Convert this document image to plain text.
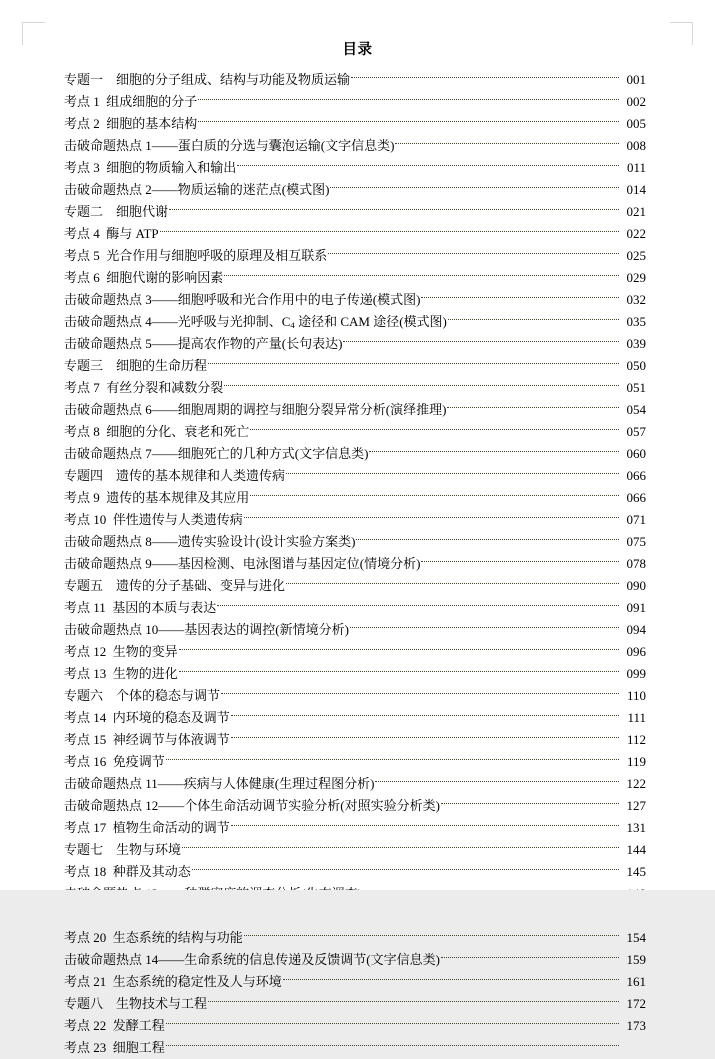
目录
专题一 细胞的分子组成、结构与功能及物质运输	001
考点 1 组成细胞的分子	002
考点 2 细胞的基本结构	005
击破命题热点 1——蛋白质的分选与囊泡运输(文字信息类)	008
考点 3 细胞的物质输入和输出	011
击破命题热点 2——物质运输的迷茫点(模式图)	014
专题二 细胞代谢	021
考点 4 酶与 ATP	022
考点 5 光合作用与细胞呼吸的原理及相互联系	025
考点 6 细胞代谢的影响因素	029
击破命题热点 3——细胞呼吸和光合作用中的电子传递(模式图)	032
击破命题热点 4——光呼吸与光抑制、$C_4$ 途径和 CAM 途径(模式图)	035
击破命题热点 5——提高农作物的产量(长句表达)	039
专题三 细胞的生命历程	050
考点 7 有丝分裂和减数分裂	051
击破命题热点 6——细胞周期的调控与细胞分裂异常分析(演绎推理)	054
考点 8 细胞的分化、衰老和死亡	057
击破命题热点 7——细胞死亡的几种方式(文字信息类)	060
专题四 遗传的基本规律和人类遗传病	066
考点 9 遗传的基本规律及其应用	066
考点 10 伴性遗传与人类遗传病	071
击破命题热点 8——遗传实验设计(设计实验方案类)	075
击破命题热点 9——基因检测、电泳图谱与基因定位(情境分析)	078
专题五 遗传的分子基础、变异与进化	090
考点 11 基因的本质与表达	091
击破命题热点 10——基因表达的调控(新情境分析)	094
考点 12 生物的变异	096
考点 13 生物的进化	099
专题六 个体的稳态与调节	110
考点 14 内环境的稳态及调节	111
考点 15 神经调节与体液调节	112
考点 16 免疫调节	119
击破命题热点 11——疾病与人体健康(生理过程图分析)	122
击破命题热点 12——个体生命活动调节实验分析(对照实验分析类)	127
考点 17 植物生命活动的调节	131
专题七 生物与环境	144
考点 18 种群及其动态	145
考点 20 生态系统的结构与功能	154
击破命题热点 14——生命系统的信息传递及反馈调节(文字信息类)	159
考点 21 生态系统的稳定性及人与环境	161
专题八 生物技术与工程	172
考点 22 发酵工程	173
考点 23 细胞工程
